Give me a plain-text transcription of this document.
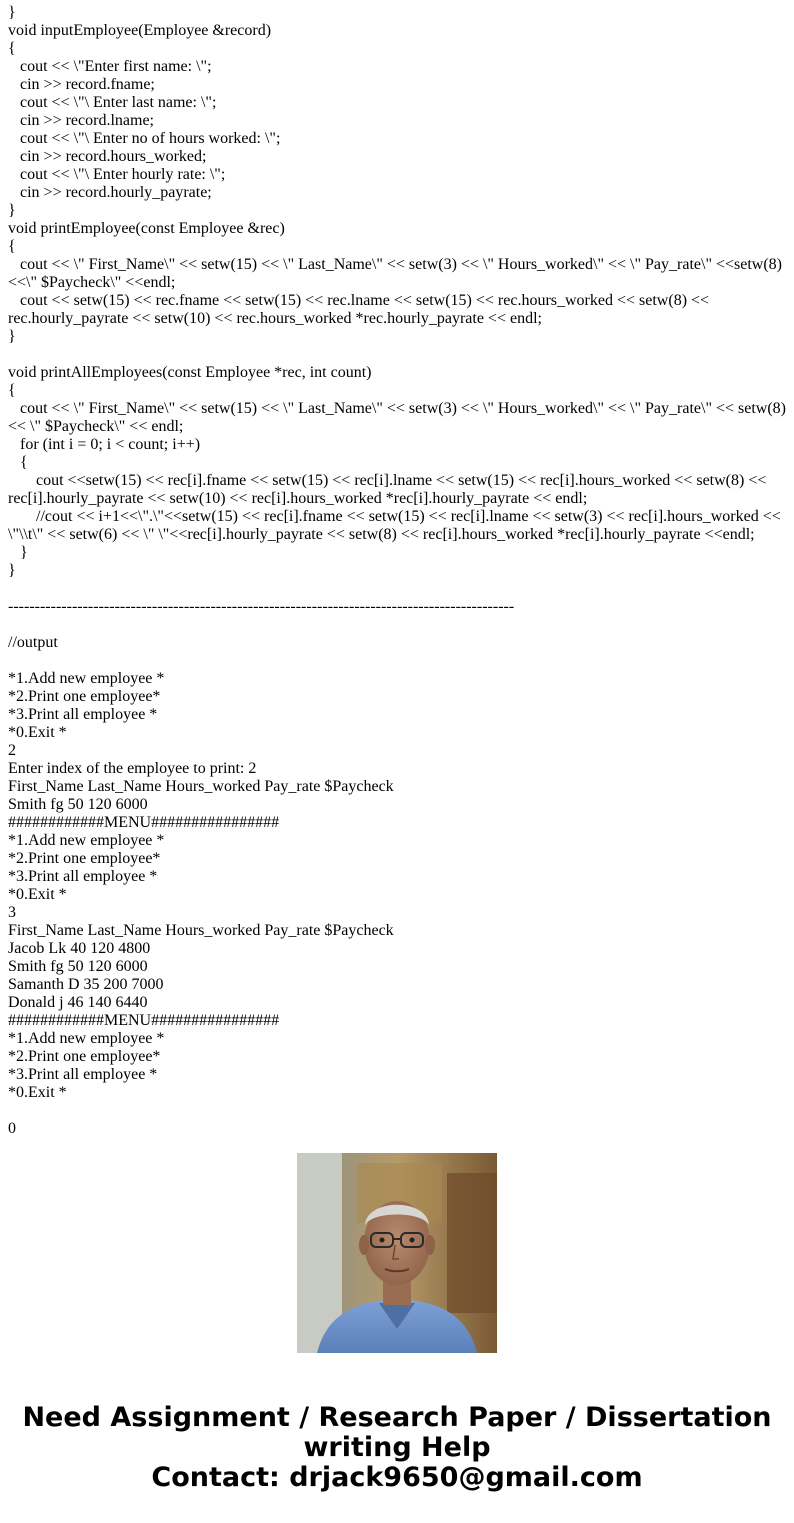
}
void inputEmployee(Employee &record)
{
cout << \"Enter first name: \";
cin >> record.fname;
cout << \"\ Enter last name: \";
cin >> record.lname;
cout << \"\ Enter no of hours worked: \";
cin >> record.hours_worked;
cout << \"\ Enter hourly rate: \";
cin >> record.hourly_payrate;
}
void printEmployee(const Employee &rec)
{
cout << \" First_Name\" << setw(15) << \" Last_Name\" << setw(3) << \" Hours_worked\" << \" Pay_rate\" <<setw(8) <<\" $Paycheck\" <<endl;
cout << setw(15) << rec.fname << setw(15) << rec.lname << setw(15) << rec.hours_worked << setw(8) << rec.hourly_payrate << setw(10) << rec.hours_worked *rec.hourly_payrate << endl;
}
void printAllEmployees(const Employee *rec, int count)
{
cout << \" First_Name\" << setw(15) << \" Last_Name\" << setw(3) << \" Hours_worked\" << \" Pay_rate\" << setw(8) << \" $Paycheck\" << endl;
for (int i = 0; i < count; i++)
{
cout <<setw(15) << rec[i].fname << setw(15) << rec[i].lname << setw(15) << rec[i].hours_worked << setw(8) << rec[i].hourly_payrate << setw(10) << rec[i].hours_worked *rec[i].hourly_payrate << endl;
//cout << i+1<<\".\"<<setw(15) << rec[i].fname << setw(15) << rec[i].lname << setw(3) << rec[i].hours_worked << \"\\t\" << setw(6) << \" \"<<rec[i].hourly_payrate << setw(8) << rec[i].hours_worked *rec[i].hourly_payrate <<endl;
}
}
-----------------------------------------------------------------------------------------------
//output
*1.Add new employee *
*2.Print one employee*
*3.Print all employee *
*0.Exit *
2
Enter index of the employee to print: 2
First_Name Last_Name Hours_worked Pay_rate $Paycheck
Smith fg 50 120 6000
############MENU################
*1.Add new employee *
*2.Print one employee*
*3.Print all employee *
*0.Exit *
3
First_Name Last_Name Hours_worked Pay_rate $Paycheck
Jacob Lk 40 120 4800
Smith fg 50 120 6000
Samanth D 35 200 7000
Donald j 46 140 6440
############MENU################
*1.Add new employee *
*2.Print one employee*
*3.Print all employee *
*0.Exit *
0
Need Assignment / Research Paper / Dissertation writing Help
Contact: drjack9650@gmail.com
